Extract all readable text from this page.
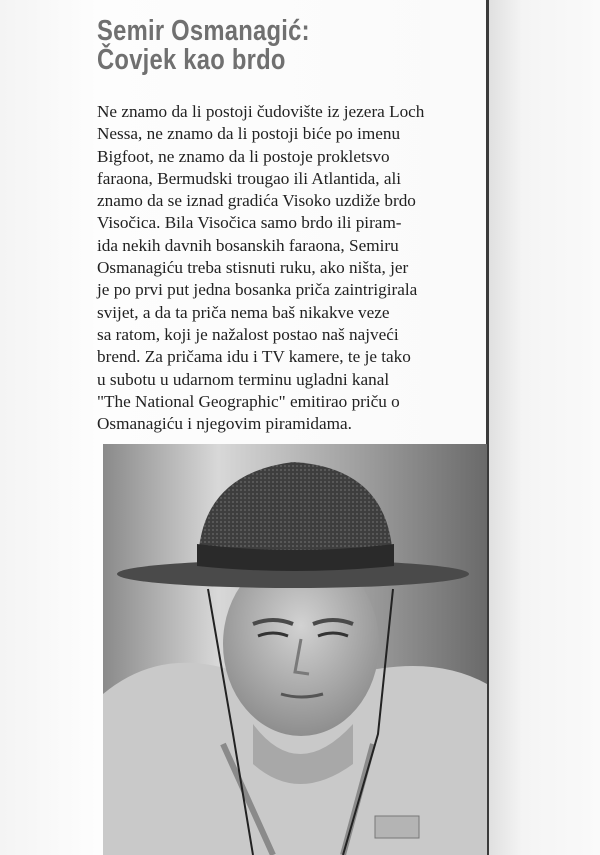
Semir Osmanagić:
Čovjek kao brdo
Ne znamo da li postoji čudovište iz jezera Loch
Nessa, ne znamo da li postoji biće po imenu
Bigfoot, ne znamo da li postoje prokletsvo
faraona, Bermudski trougao ili Atlantida, ali
znamo da se iznad gradića Visoko uzdiže brdo
Visočica. Bila Visočica samo brdo ili piram-
ida nekih davnih bosanskih faraona, Semiru
Osmanagiću treba stisnuti ruku, ako ništa, jer
je po prvi put jedna bosanka priča zaintrigirala
svijet, a da ta priča nema baš nikakve veze
sa ratom, koji je nažalost postao naš najveći
brend. Za pričama idu i TV kamere, te je tako
u subotu u udarnom terminu ugladni kanal
"The National Geographic" emitirao priču o
Osmanagiću i njegovim piramidama.
